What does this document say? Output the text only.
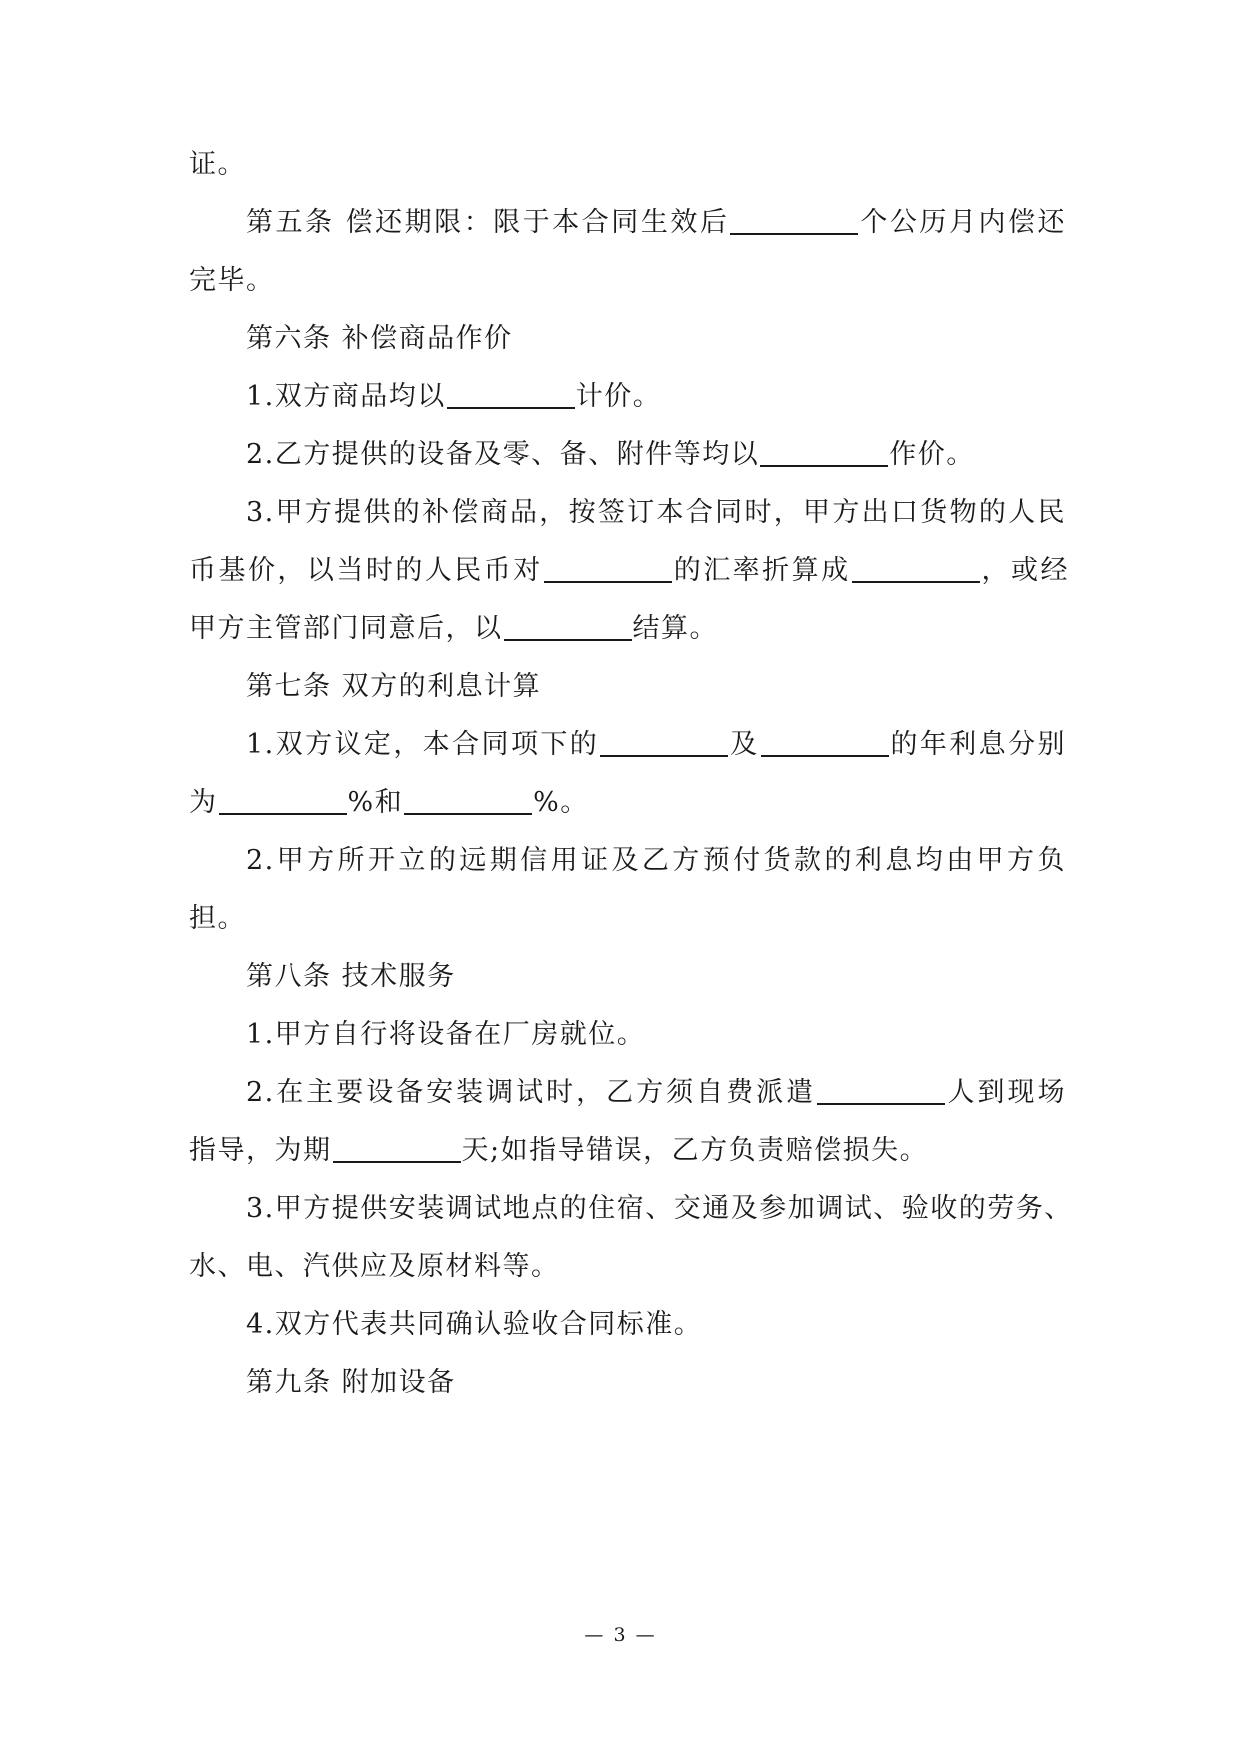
证。
第五条 偿还期限：限于本合同生效后	个公历月内偿还
完毕。
第六条 补偿商品作价
1.双方商品均以	计价。
2.乙方提供的设备及零、备、附件等均以	作价。
3.甲方提供的补偿商品，按签订本合同时，甲方出口货物的人民
币基价，以当时的人民币对	的汇率折算成	，或经
甲方主管部门同意后，以	结算。
第七条 双方的利息计算
1.双方议定，本合同项下的	及	的年利息分别
为	%和	%。
2.甲方所开立的远期信用证及乙方预付货款的利息均由甲方负
担。
第八条 技术服务
1.甲方自行将设备在厂房就位。
2.在主要设备安装调试时，乙方须自费派遣	人到现场
指导，为期	天;如指导错误，乙方负责赔偿损失。
3.甲方提供安装调试地点的住宿、交通及参加调试、验收的劳务、
水、电、汽供应及原材料等。
4.双方代表共同确认验收合同标准。
第九条 附加设备
— 3 —
